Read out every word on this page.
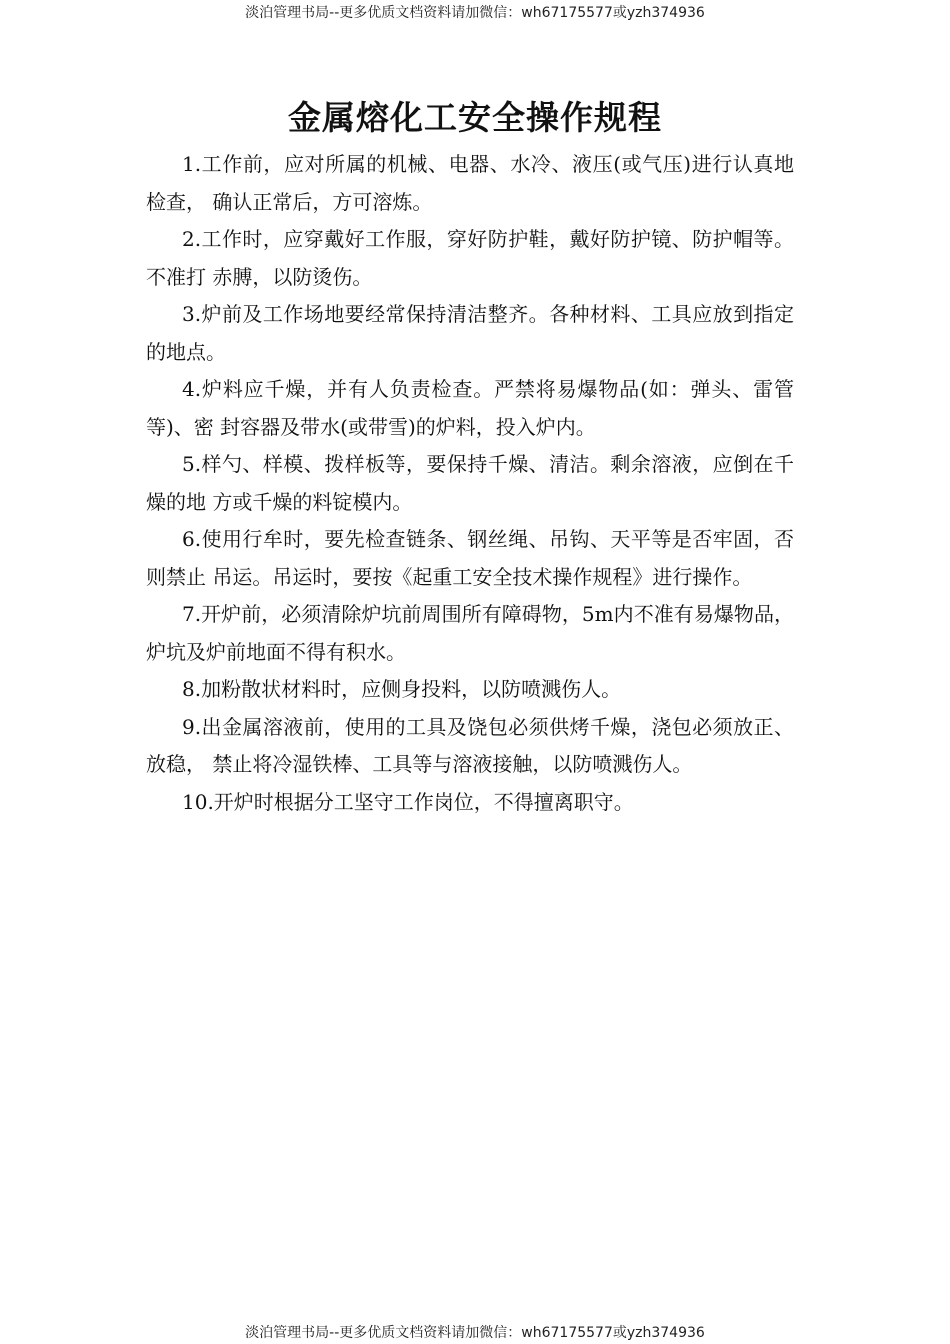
淡泊管理书局--更多优质文档资料请加微信：wh67175577或yzh374936
金属熔化工安全操作规程

1.工作前，应对所属的机械、电器、水冷、液压(或气压)进行认真地检查， 确认正常后，方可溶炼。

2.工作时，应穿戴好工作服，穿好防护鞋，戴好防护镜、防护帽等。不准打 赤膊，以防烫伤。

3.炉前及工作场地要经常保持清洁整齐。各种材料、工具应放到指定的地点。

4.炉料应千燥，并有人负责检查。严禁将易爆物品(如：弹头、雷管等)、密 封容器及带水(或带雪)的炉料，投入炉内。

5.样勺、样模、拨样板等，要保持千燥、清洁。剩余溶液，应倒在千燥的地 方或千燥的料锭模内。

6.使用行牟时，要先检查链条、钢丝绳、吊钩、天平等是否牢固，否则禁止 吊运。吊运时，要按《起重工安全技术操作规程》进行操作。

7.开炉前，必须清除炉坑前周围所有障碍物，5m内不准有易爆物品，炉坑及炉前地面不得有积水。

8.加粉散状材料时，应侧身投料，以防喷溅伤人。

9.出金属溶液前，使用的工具及饶包必须供烤千燥，浇包必须放正、放稳， 禁止将冷湿铁棒、工具等与溶液接触，以防喷溅伤人。

10.开炉时根据分工坚守工作岗位，不得擅离职守。

淡泊管理书局--更多优质文档资料请加微信：wh67175577或yzh374936
